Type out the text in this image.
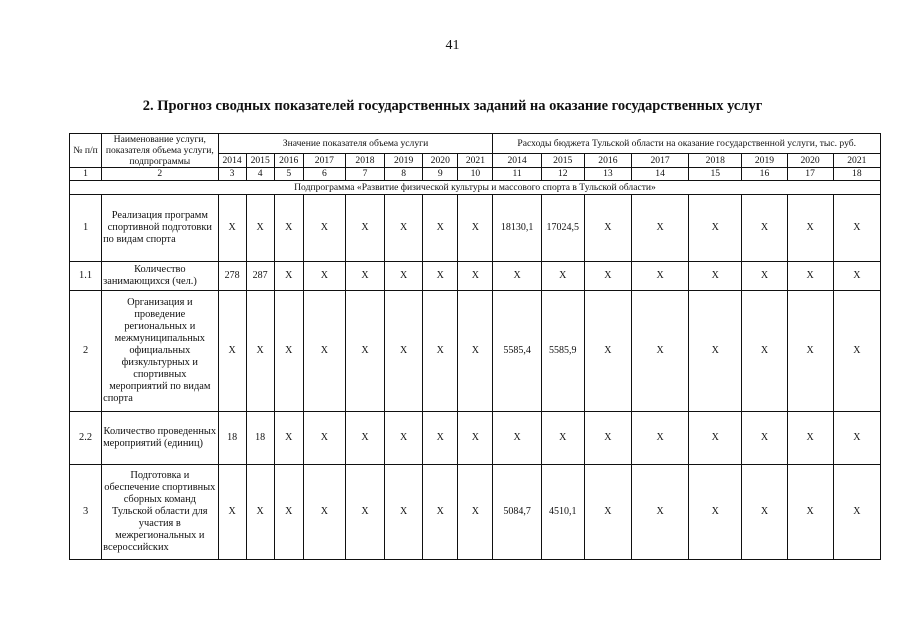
41
2. Прогноз сводных показателей государственных заданий на оказание государственных услуг
№ п/п	Наименование услуги, показателя объема услуги, подпрограммы	Значение показателя объема услуги								Расходы бюджета Тульской области на оказание государственной услуги, тыс. руб.							
		2014	2015	2016	2017	2018	2019	2020	2021	2014	2015	2016	2017	2018	2019	2020	2021
1	2	3	4	5	6	7	8	9	10	11	12	13	14	15	16	17	18
Подпрограмма «Развитие физической культуры и массового спорта в Тульской области»																	
1	Реализация программ спортивной подготовки по видам спорта	X	X	X	X	X	X	X	X	18130,1	17024,5	X	X	X	X	X	X
1.1	Количество занимающихся (чел.)	278	287	X	X	X	X	X	X	X	X	X	X	X	X	X	X
2	Организация и проведение региональных и межмуниципальных официальных физкультурных и спортивных мероприятий по видам спорта	X	X	X	X	X	X	X	X	5585,4	5585,9	X	X	X	X	X	X
2.2	Количество проведенных мероприятий (единиц)	18	18	X	X	X	X	X	X	X	X	X	X	X	X	X	X
3	Подготовка и обеспечение спортивных сборных команд Тульской области для участия в межрегиональных и всероссийских	X	X	X	X	X	X	X	X	5084,7	4510,1	X	X	X	X	X	X
